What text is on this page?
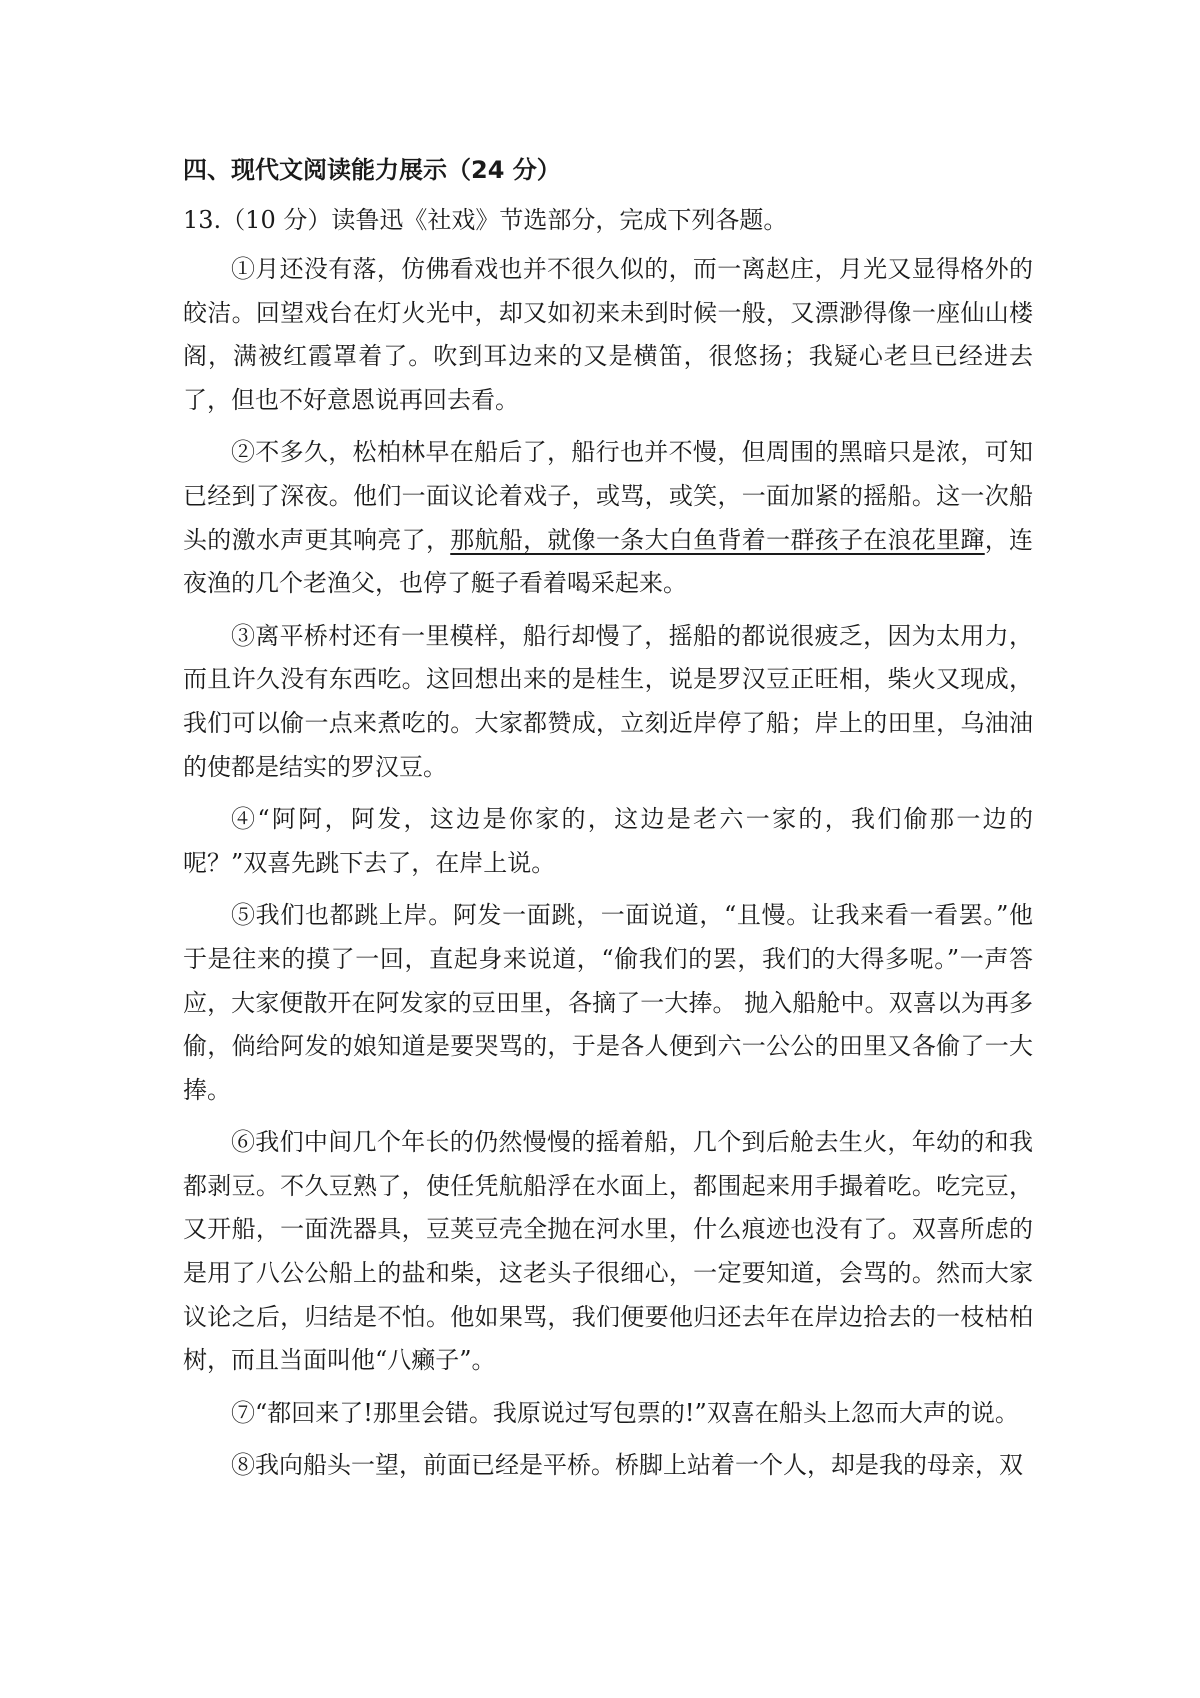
四、现代文阅读能力展示（24 分）
13.（10 分）读鲁迅《社戏》节选部分，完成下列各题。

①月还没有落，仿佛看戏也并不很久似的，而一离赵庄，月光又显得格外的皎洁。回望戏台在灯火光中，却又如初来未到时候一般，又漂渺得像一座仙山楼阁，满被红霞罩着了。吹到耳边来的又是横笛，很悠扬；我疑心老旦已经进去了，但也不好意恩说再回去看。

②不多久，松柏林早在船后了，船行也并不慢，但周围的黑暗只是浓，可知已经到了深夜。他们一面议论着戏子，或骂，或笑，一面加紧的摇船。这一次船头的激水声更其响亮了，那航船，就像一条大白鱼背着一群孩子在浪花里蹿，连夜渔的几个老渔父，也停了艇子看着喝采起来。

③离平桥村还有一里模样，船行却慢了，摇船的都说很疲乏，因为太用力，而且许久没有东西吃。这回想出来的是桂生，说是罗汉豆正旺相，柴火又现成，我们可以偷一点来煮吃的。大家都赞成，立刻近岸停了船；岸上的田里，乌油油的使都是结实的罗汉豆。

④“阿阿，阿发，这边是你家的，这边是老六一家的，我们偷那一边的呢？”双喜先跳下去了，在岸上说。

⑤我们也都跳上岸。阿发一面跳，一面说道，“且慢。让我来看一看罢。”他于是往来的摸了一回，直起身来说道，“偷我们的罢，我们的大得多呢。”一声答应，大家便散开在阿发家的豆田里，各摘了一大捧。 抛入船舱中。双喜以为再多偷，倘给阿发的娘知道是要哭骂的，于是各人便到六一公公的田里又各偷了一大捧。

⑥我们中间几个年长的仍然慢慢的摇着船，几个到后舱去生火，年幼的和我都剥豆。不久豆熟了，使任凭航船浮在水面上，都围起来用手撮着吃。吃完豆，又开船，一面洗器具，豆荚豆壳全抛在河水里，什么痕迹也没有了。双喜所虑的是用了八公公船上的盐和柴，这老头子很细心，一定要知道，会骂的。然而大家议论之后，归结是不怕。他如果骂，我们便要他归还去年在岸边拾去的一枝枯柏树，而且当面叫他“八癞子”。

⑦“都回来了!那里会错。我原说过写包票的!”双喜在船头上忽而大声的说。

⑧我向船头一望，前面已经是平桥。桥脚上站着一个人，却是我的母亲，双
